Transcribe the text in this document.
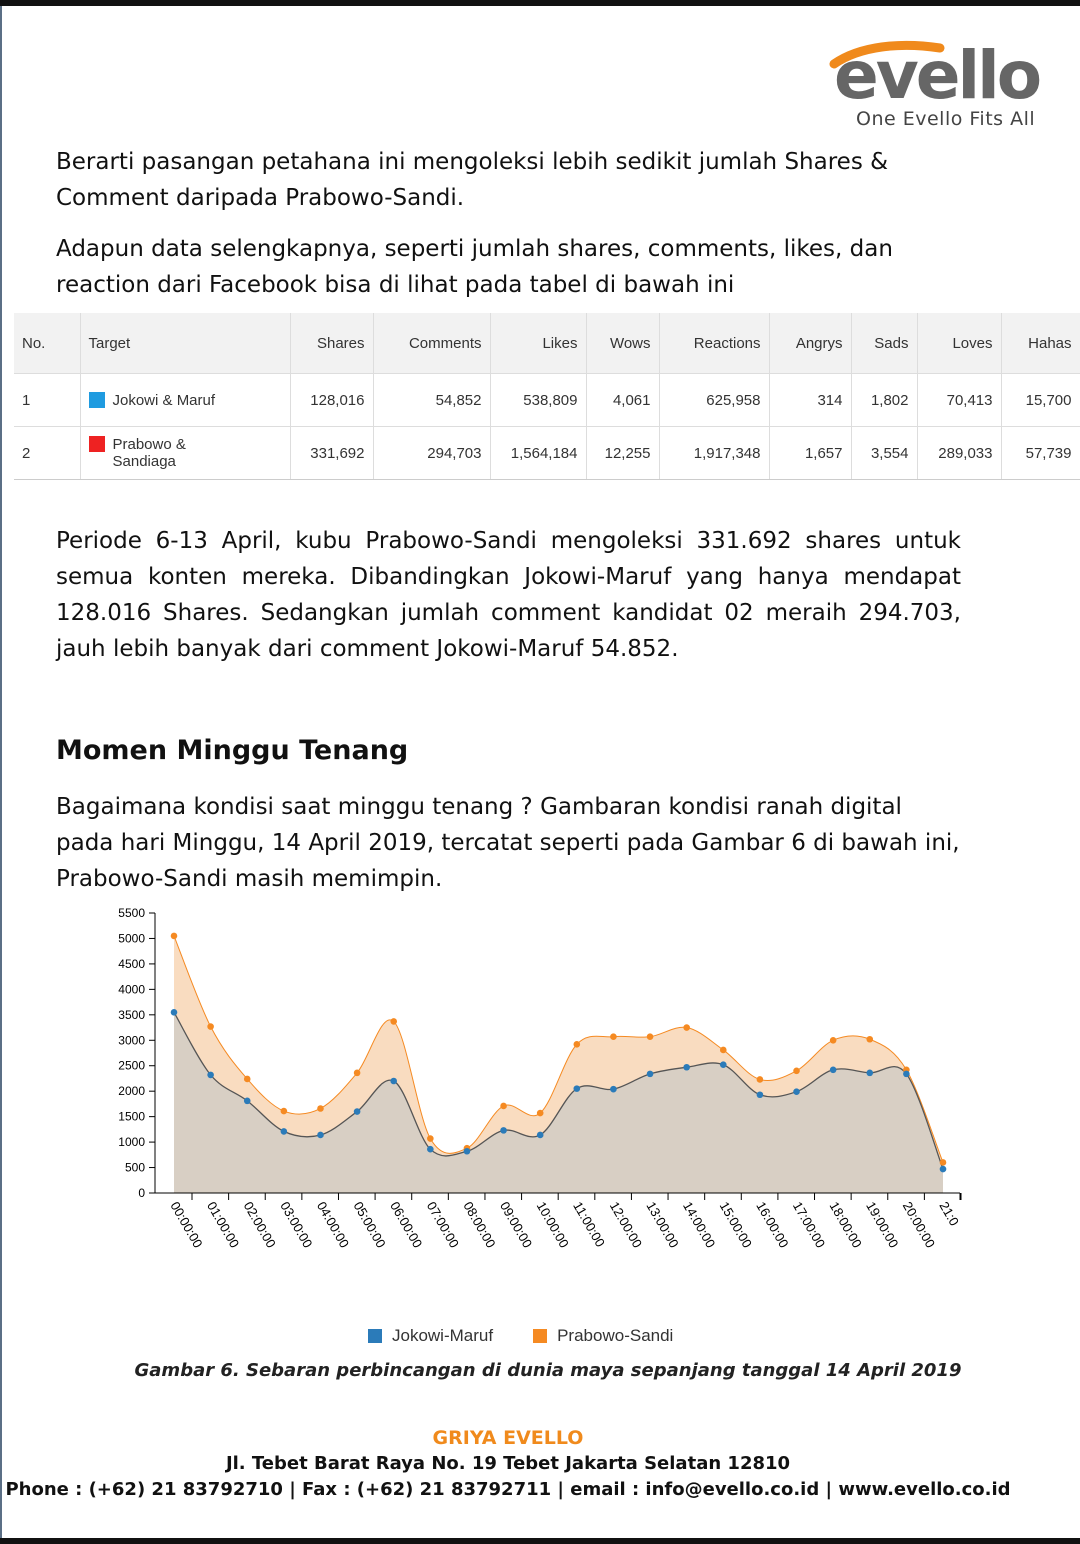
evello
One Evello Fits All

Berarti pasangan petahana ini mengoleksi lebih sedikit jumlah Shares & Comment daripada Prabowo-Sandi.

Adapun data selengkapnya, seperti jumlah shares, comments, likes, dan reaction dari Facebook bisa di lihat pada tabel di bawah ini

No.	Target	Shares	Comments	Likes	Wows	Reactions	Angrys	Sads	Loves	Hahas
1	Jokowi & Maruf	128,016	54,852	538,809	4,061	625,958	314	1,802	70,413	15,700
2	Prabowo & Sandiaga	331,692	294,703	1,564,184	12,255	1,917,348	1,657	3,554	289,033	57,739

Periode 6-13 April, kubu Prabowo-Sandi mengoleksi 331.692 shares untuk semua konten mereka. Dibandingkan Jokowi-Maruf yang hanya mendapat 128.016 Shares. Sedangkan jumlah comment kandidat 02 meraih 294.703, jauh lebih banyak dari comment Jokowi-Maruf 54.852.

Momen Minggu Tenang

Bagaimana kondisi saat minggu tenang ? Gambaran kondisi ranah digital pada hari Minggu, 14 April 2019, tercatat seperti pada Gambar 6 di bawah ini, Prabowo-Sandi masih memimpin.

0
500
1000
1500
2000
2500
3000
3500
4000
4500
5000
5500
00:00:00
01:00:00
02:00:00
03:00:00
04:00:00
05:00:00
06:00:00
07:00:00
08:00:00
09:00:00
10:00:00
11:00:00
12:00:00
13:00:00
14:00:00
15:00:00
16:00:00
17:00:00
18:00:00
19:00:00
20:00:00
21:0
Jokowi-Maruf	Prabowo-Sandi
Gambar 6. Sebaran perbincangan di dunia maya sepanjang tanggal 14 April 2019
GRIYA EVELLO
Jl. Tebet Barat Raya No. 19 Tebet Jakarta Selatan 12810
Phone : (+62) 21 83792710 | Fax : (+62) 21 83792711 | email : info@evello.co.id | www.evello.co.id
